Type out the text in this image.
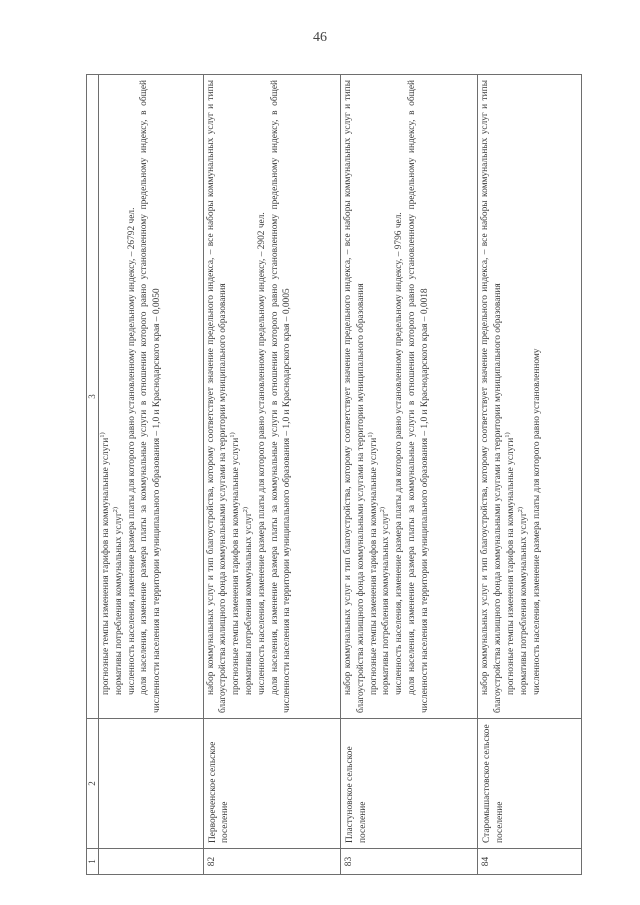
46
1	2	3

		прогнозные темпы изменения тарифов на коммунальные услуги$^{1)}$

нормативы потребления коммунальных услуг$^{2)}$ численность населения, изменение размера платы для которого равно установленному предельному индексу, – 26792 чел. доля населения, изменение размера платы за коммунальные услуги в отношении которого равно установленному предельному индексу, в общей численности населения на территории муниципального образования – 1,0 и Краснодарского края – 0,0050

82	Первореченское сельское поселение	набор коммунальных услуг и тип благоустройства, которому соответствует значение предельного индекса, – все наборы коммунальных услуг и типы благоустройства жилищного фонда коммунальными услугами на территории муниципального образования прогнозные темпы изменения тарифов на коммунальные услуги$^{1)}$

нормативы потребления коммунальных услуг$^{2)}$ численность населения, изменение размера платы для которого равно установленному предельному индексу, – 2902 чел. доля населения, изменение размера платы за коммунальные услуги в отношении которого равно установленному предельному индексу, в общей численности населения на территории муниципального образования – 1,0 и Краснодарского края – 0,0005

83	Пластуновское сельское поселение	набор коммунальных услуг и тип благоустройства, которому соответствует значение предельного индекса, – все наборы коммунальных услуг и типы благоустройства жилищного фонда коммунальными услугами на территории муниципального образования прогнозные темпы изменения тарифов на коммунальные услуги$^{1)}$

нормативы потребления коммунальных услуг$^{2)}$ численность населения, изменение размера платы для которого равно установленному предельному индексу, – 9796 чел. доля населения, изменение размера платы за коммунальные услуги в отношении которого равно установленному предельному индексу, в общей численности населения на территории муниципального образования – 1,0 и Краснодарского края – 0,0018

84	Старомышастовское сельское поселение	набор коммунальных услуг и тип благоустройства, которому соответствует значение предельного индекса, – все наборы коммунальных услуг и типы благоустройства жилищного фонда коммунальными услугами на территории муниципального образования прогнозные темпы изменения тарифов на коммунальные услуги$^{1)}$

нормативы потребления коммунальных услуг$^{2)}$ численность населения, изменение размера платы для которого равно установленному
